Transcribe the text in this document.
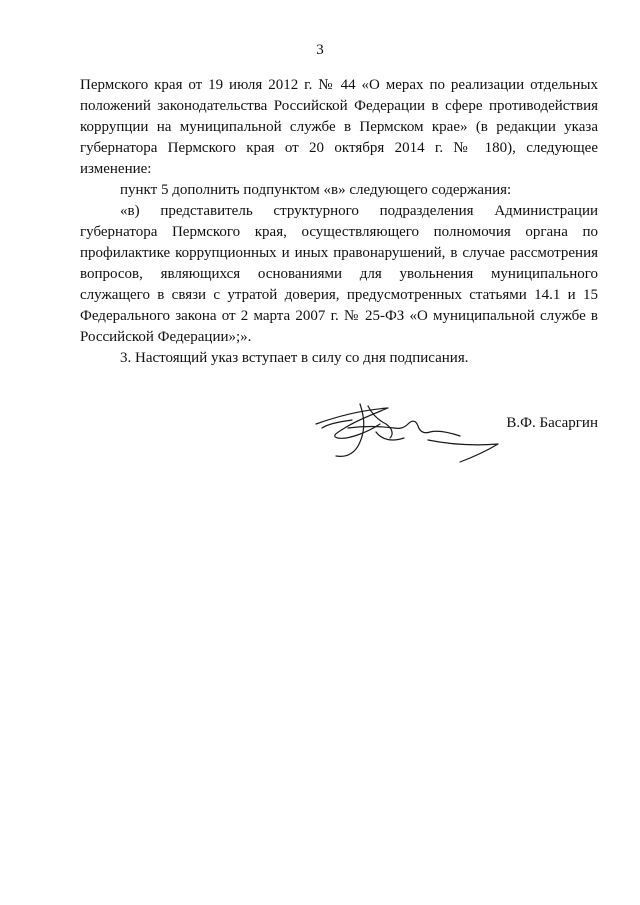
3

Пермского края от 19 июля 2012 г. № 44 «О мерах по реализации отдельных положений законодательства Российской Федерации в сфере противодействия коррупции на муниципальной службе в Пермском крае» (в редакции указа губернатора Пермского края от 20 октября 2014 г. № 180), следующее изменение:

пункт 5 дополнить подпунктом «в» следующего содержания:

«в) представитель структурного подразделения Администрации губернатора Пермского края, осуществляющего полномочия органа по профилактике коррупционных и иных правонарушений, в случае рассмотрения вопросов, являющихся основаниями для увольнения муниципального служащего в связи с утратой доверия, предусмотренных статьями 14.1 и 15 Федерального закона от 2 марта 2007 г. № 25-ФЗ «О муниципальной службе в Российской Федерации»;».

3. Настоящий указ вступает в силу со дня подписания.

В.Ф. Басаргин
